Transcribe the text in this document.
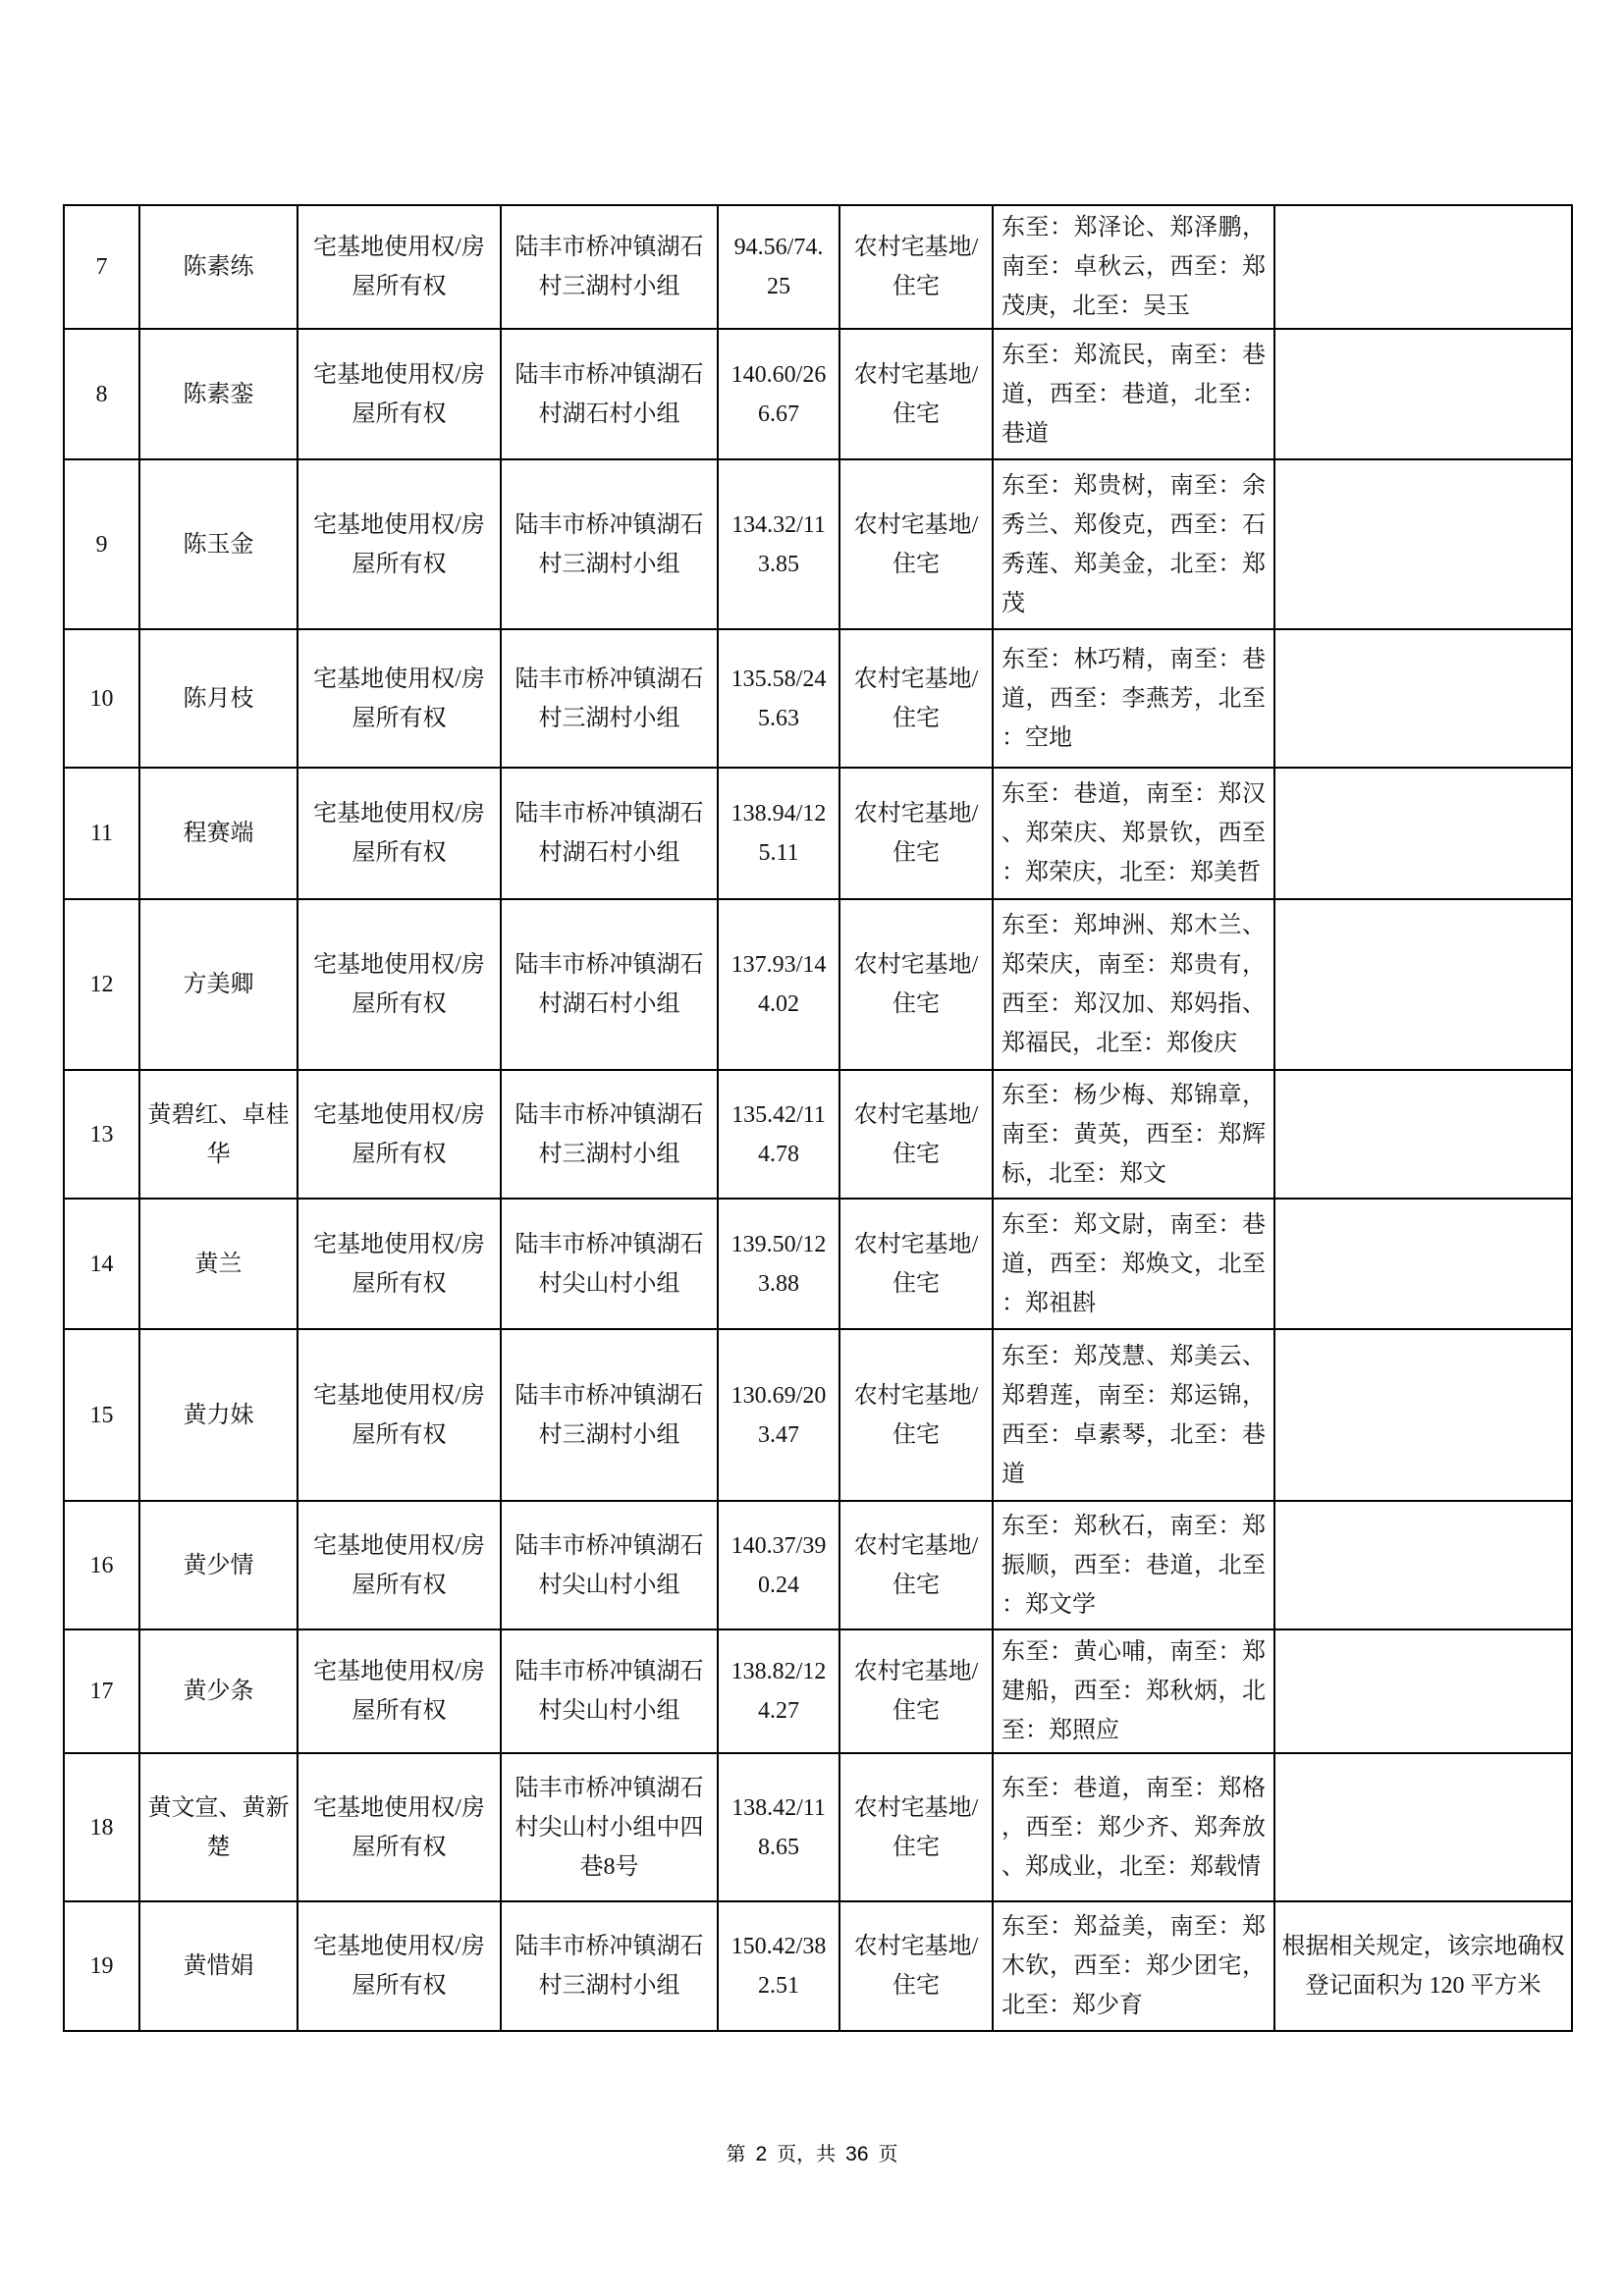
7	陈素练	宅基地使用权/房屋所有权	陆丰市桥冲镇湖石村三湖村小组	94.56/74.25	农村宅基地/住宅	东至：郑泽论、郑泽鹏，南至：卓秋云，西至：郑茂庚，北至：吴玉	
8	陈素銮	宅基地使用权/房屋所有权	陆丰市桥冲镇湖石村湖石村小组	140.60/266.67	农村宅基地/住宅	东至：郑流民，南至：巷道，西至：巷道，北至：巷道	
9	陈玉金	宅基地使用权/房屋所有权	陆丰市桥冲镇湖石村三湖村小组	134.32/113.85	农村宅基地/住宅	东至：郑贵树，南至：余秀兰、郑俊克，西至：石秀莲、郑美金，北至：郑茂	
10	陈月枝	宅基地使用权/房屋所有权	陆丰市桥冲镇湖石村三湖村小组	135.58/245.63	农村宅基地/住宅	东至：林巧精，南至：巷道，西至：李燕芳，北至：空地	
11	程赛端	宅基地使用权/房屋所有权	陆丰市桥冲镇湖石村湖石村小组	138.94/125.11	农村宅基地/住宅	东至：巷道，南至：郑汉、郑荣庆、郑景钦，西至：郑荣庆，北至：郑美哲	
12	方美卿	宅基地使用权/房屋所有权	陆丰市桥冲镇湖石村湖石村小组	137.93/144.02	农村宅基地/住宅	东至：郑坤洲、郑木兰、郑荣庆，南至：郑贵有，西至：郑汉加、郑妈指、郑福民，北至：郑俊庆	
13	黄碧红、卓桂华	宅基地使用权/房屋所有权	陆丰市桥冲镇湖石村三湖村小组	135.42/114.78	农村宅基地/住宅	东至：杨少梅、郑锦章，南至：黄英，西至：郑辉标，北至：郑文	
14	黄兰	宅基地使用权/房屋所有权	陆丰市桥冲镇湖石村尖山村小组	139.50/123.88	农村宅基地/住宅	东至：郑文尉，南至：巷道，西至：郑焕文，北至：郑祖斟	
15	黄力妹	宅基地使用权/房屋所有权	陆丰市桥冲镇湖石村三湖村小组	130.69/203.47	农村宅基地/住宅	东至：郑茂慧、郑美云、郑碧莲，南至：郑运锦，西至：卓素琴，北至：巷道	
16	黄少情	宅基地使用权/房屋所有权	陆丰市桥冲镇湖石村尖山村小组	140.37/390.24	农村宅基地/住宅	东至：郑秋石，南至：郑振顺，西至：巷道，北至：郑文学	
17	黄少条	宅基地使用权/房屋所有权	陆丰市桥冲镇湖石村尖山村小组	138.82/124.27	农村宅基地/住宅	东至：黄心哺，南至：郑建船，西至：郑秋炳，北至：郑照应	
18	黄文宣、黄新楚	宅基地使用权/房屋所有权	陆丰市桥冲镇湖石村尖山村小组中四巷8号	138.42/118.65	农村宅基地/住宅	东至：巷道，南至：郑格，西至：郑少齐、郑奔放、郑成业，北至：郑载情	
19	黄惜娟	宅基地使用权/房屋所有权	陆丰市桥冲镇湖石村三湖村小组	150.42/382.51	农村宅基地/住宅	东至：郑益美，南至：郑木钦，西至：郑少团宅，北至：郑少育	根据相关规定，该宗地确权登记面积为 120 平方米
第 2 页，共 36 页
